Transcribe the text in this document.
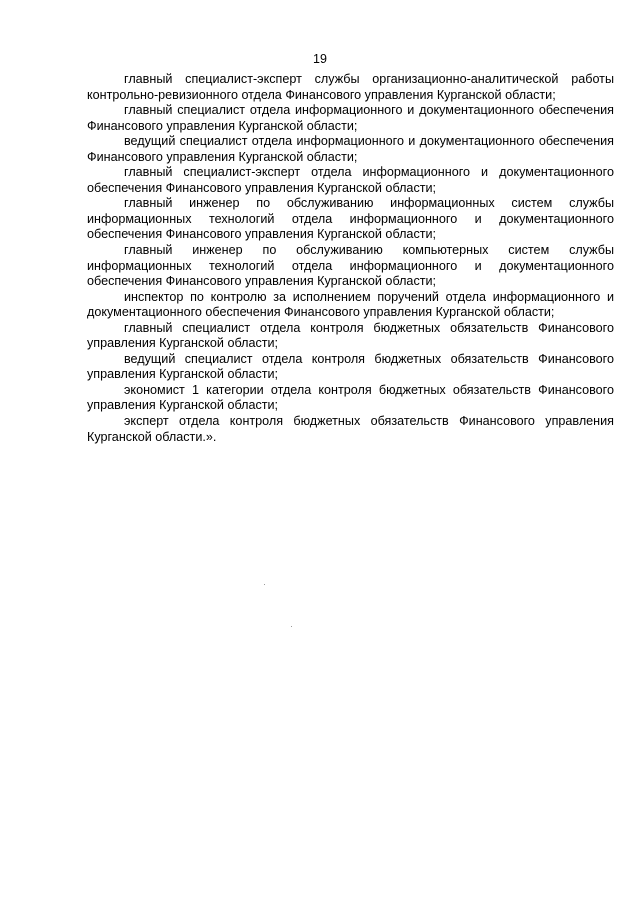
19

главный специалист-эксперт службы организационно-аналитической работы контрольно-ревизионного отдела Финансового управления Курганской области;

главный специалист отдела информационного и документационного обеспечения Финансового управления Курганской области;

ведущий специалист отдела информационного и документационного обеспечения Финансового управления Курганской области;

главный специалист-эксперт отдела информационного и документационного обеспечения Финансового управления Курганской области;

главный инженер по обслуживанию информационных систем службы информационных технологий отдела информационного и документационного обеспечения Финансового управления Курганской области;

главный инженер по обслуживанию компьютерных систем службы информационных технологий отдела информационного и документационного обеспечения Финансового управления Курганской области;

инспектор по контролю за исполнением поручений отдела информационного и документационного обеспечения Финансового управления Курганской области;

главный специалист отдела контроля бюджетных обязательств Финансового управления Курганской области;

ведущий специалист отдела контроля бюджетных обязательств Финансового управления Курганской области;

экономист 1 категории отдела контроля бюджетных обязательств Финансового управления Курганской области;

эксперт отдела контроля бюджетных обязательств Финансового управления Курганской области.».
